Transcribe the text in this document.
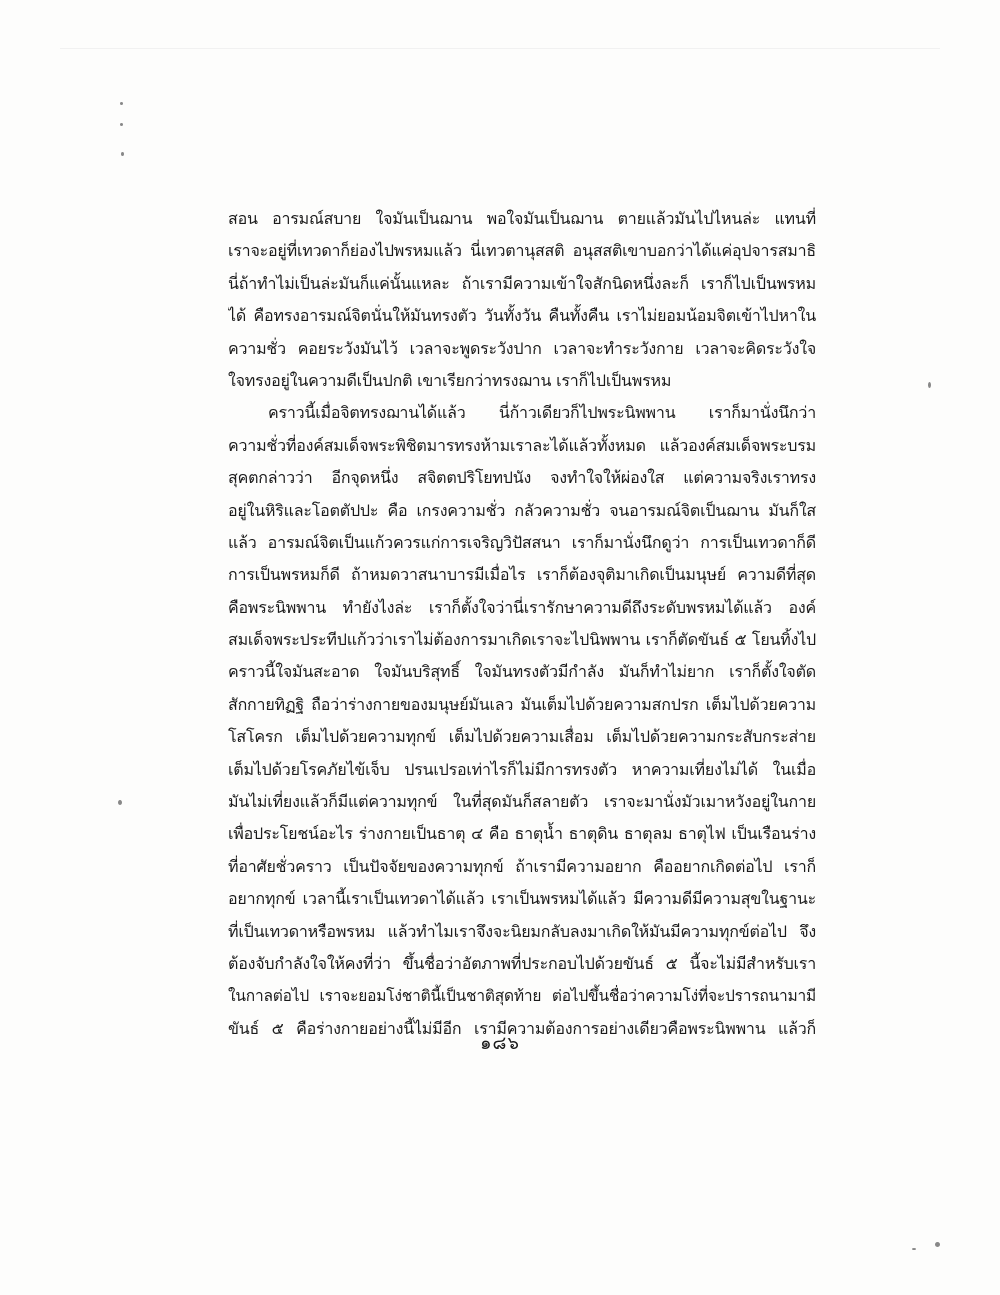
สอน อารมณ์สบาย ใจมันเป็นฌาน พอใจมันเป็นฌาน ตายแล้วมันไปไหนล่ะ แทนที่
เราจะอยู่ที่เทวดาก็ย่องไปพรหมแล้ว นี่เทวตานุสสติ อนุสสติเขาบอกว่าได้แค่อุปจารสมาธิ
นี่ถ้าทำไม่เป็นล่ะมันก็แค่นั้นแหละ ถ้าเรามีความเข้าใจสักนิดหนึ่งละก็ เราก็ไปเป็นพรหม
ได้ คือทรงอารมณ์จิตนั่นให้มันทรงตัว วันทั้งวัน คืนทั้งคืน เราไม่ยอมน้อมจิตเข้าไปหาใน
ความชั่ว คอยระวังมันไว้ เวลาจะพูดระวังปาก เวลาจะทำระวังกาย เวลาจะคิดระวังใจ
ใจทรงอยู่ในความดีเป็นปกติ เขาเรียกว่าทรงฌาน เราก็ไปเป็นพรหม
คราวนี้เมื่อจิตทรงฌานได้แล้ว นี่ก้าวเดียวก็ไปพระนิพพาน เราก็มานั่งนึกว่า
ความชั่วที่องค์สมเด็จพระพิชิตมารทรงห้ามเราละได้แล้วทั้งหมด แล้วองค์สมเด็จพระบรม
สุคตกล่าวว่า อีกจุดหนึ่ง สจิตตปริโยทปนัง จงทำใจให้ผ่องใส แต่ความจริงเราทรง
อยู่ในหิริและโอตตัปปะ คือ เกรงความชั่ว กลัวความชั่ว จนอารมณ์จิตเป็นฌาน มันก็ใส
แล้ว อารมณ์จิตเป็นแก้วควรแก่การเจริญวิปัสสนา เราก็มานั่งนึกดูว่า การเป็นเทวดาก็ดี
การเป็นพรหมก็ดี ถ้าหมดวาสนาบารมีเมื่อไร เราก็ต้องจุติมาเกิดเป็นมนุษย์ ความดีที่สุด
คือพระนิพพาน ทำยังไงล่ะ เราก็ตั้งใจว่านี่เรารักษาความดีถึงระดับพรหมได้แล้ว องค์
สมเด็จพระประทีปแก้วว่าเราไม่ต้องการมาเกิดเราจะไปนิพพาน เราก็ตัดขันธ์ ๕ โยนทิ้งไป
คราวนี้ใจมันสะอาด ใจมันบริสุทธิ์ ใจมันทรงตัวมีกำลัง มันก็ทำไม่ยาก เราก็ตั้งใจตัด
สักกายทิฏฐิ ถือว่าร่างกายของมนุษย์มันเลว มันเต็มไปด้วยความสกปรก เต็มไปด้วยความ
โสโครก เต็มไปด้วยความทุกข์ เต็มไปด้วยความเสื่อม เต็มไปด้วยความกระสับกระส่าย
เต็มไปด้วยโรคภัยไข้เจ็บ ปรนเปรอเท่าไรก็ไม่มีการทรงตัว หาความเที่ยงไม่ได้ ในเมื่อ
มันไม่เที่ยงแล้วก็มีแต่ความทุกข์ ในที่สุดมันก็สลายตัว เราจะมานั่งมัวเมาหวังอยู่ในกาย
เพื่อประโยชน์อะไร ร่างกายเป็นธาตุ ๔ คือ ธาตุน้ำ ธาตุดิน ธาตุลม ธาตุไฟ เป็นเรือนร่าง
ที่อาศัยชั่วคราว เป็นปัจจัยของความทุกข์ ถ้าเรามีความอยาก คืออยากเกิดต่อไป เราก็
อยากทุกข์ เวลานี้เราเป็นเทวดาได้แล้ว เราเป็นพรหมได้แล้ว มีความดีมีความสุขในฐานะ
ที่เป็นเทวดาหรือพรหม แล้วทำไมเราจึงจะนิยมกลับลงมาเกิดให้มันมีความทุกข์ต่อไป จึง
ต้องจับกำลังใจให้คงที่ว่า ขึ้นชื่อว่าอัตภาพที่ประกอบไปด้วยขันธ์ ๕ นี้จะไม่มีสำหรับเรา
ในกาลต่อไป เราจะยอมโง่ชาตินี้เป็นชาติสุดท้าย ต่อไปขึ้นชื่อว่าความโง่ที่จะปรารถนามามี
ขันธ์ ๕ คือร่างกายอย่างนี้ไม่มีอีก เรามีความต้องการอย่างเดียวคือพระนิพพาน แล้วก็
๑๘๖
